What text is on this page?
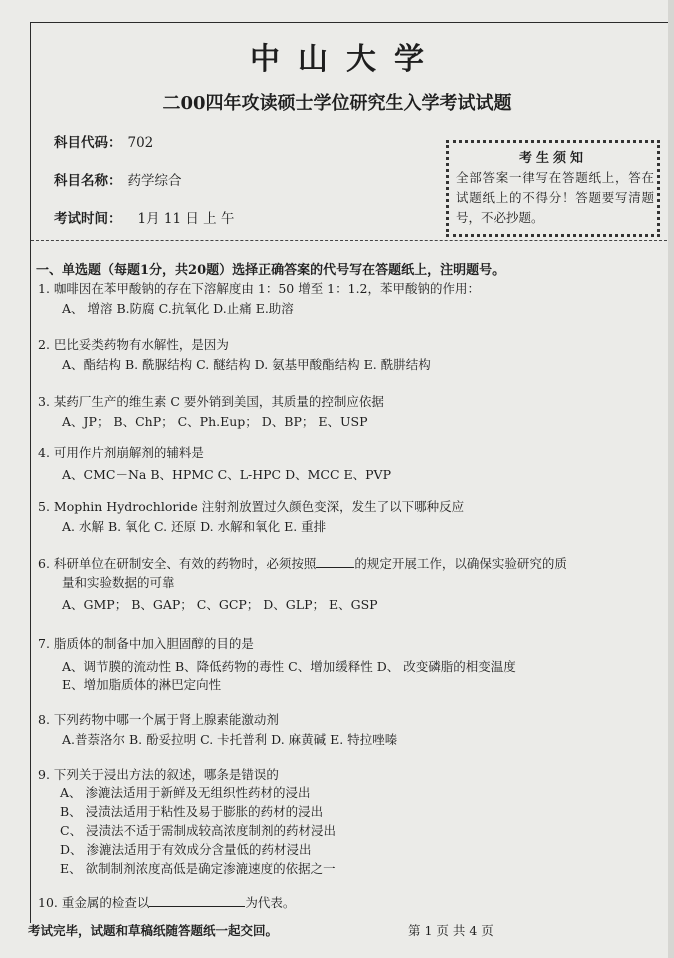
中山大学
二00四年攻读硕士学位研究生入学考试试题
科目代码： 702
科目名称： 药学综合
考试时间： 1月 11 日 上 午
考生须知
全部答案一律写在答题纸上，答在试题纸上的不得分！答题要写清题号，不必抄题。
一、单选题（每题1分，共20题）选择正确答案的代号写在答题纸上，注明题号。
1. 咖啡因在苯甲酸钠的存在下溶解度由 1：50 增至 1：1.2，苯甲酸钠的作用：
A、 增溶 B.防腐 C.抗氧化 D.止痛 E.助溶
2. 巴比妥类药物有水解性，是因为
A、酯结构 B. 酰脲结构 C. 醚结构 D. 氨基甲酸酯结构 E. 酰肼结构
3. 某药厂生产的维生素 C 要外销到美国，其质量的控制应依据
A、JP； B、ChP； C、Ph.Eup； D、BP； E、USP
4. 可用作片剂崩解剂的辅料是
A、CMC－Na B、HPMC C、L-HPC D、MCC E、PVP
5. Mophin Hydrochloride 注射剂放置过久颜色变深，发生了以下哪种反应
A. 水解 B. 氧化 C. 还原 D. 水解和氧化 E. 重排
6. 科研单位在研制安全、有效的药物时，必须按照	的规定开展工作，以确保实验研究的质
量和实验数据的可靠
A、GMP； B、GAP； C、GCP； D、GLP； E、GSP
7. 脂质体的制备中加入胆固醇的目的是
A、调节膜的流动性 B、降低药物的毒性 C、增加缓释性 D、 改变磷脂的相变温度
E、增加脂质体的淋巴定向性
8. 下列药物中哪一个属于肾上腺素能激动剂
A.普萘洛尔 B. 酚妥拉明 C. 卡托普利 D. 麻黄碱 E. 特拉唑嗪
9. 下列关于浸出方法的叙述，哪条是错误的
A、 渗漉法适用于新鲜及无组织性药材的浸出
B、 浸渍法适用于粘性及易于膨胀的药材的浸出
C、 浸渍法不适于需制成较高浓度制剂的药材浸出
D、 渗漉法适用于有效成分含量低的药材浸出
E、 欲制制剂浓度高低是确定渗漉速度的依据之一
10. 重金属的检查以	为代表。
考试完毕，试题和草稿纸随答题纸一起交回。	第 1 页 共 4 页
